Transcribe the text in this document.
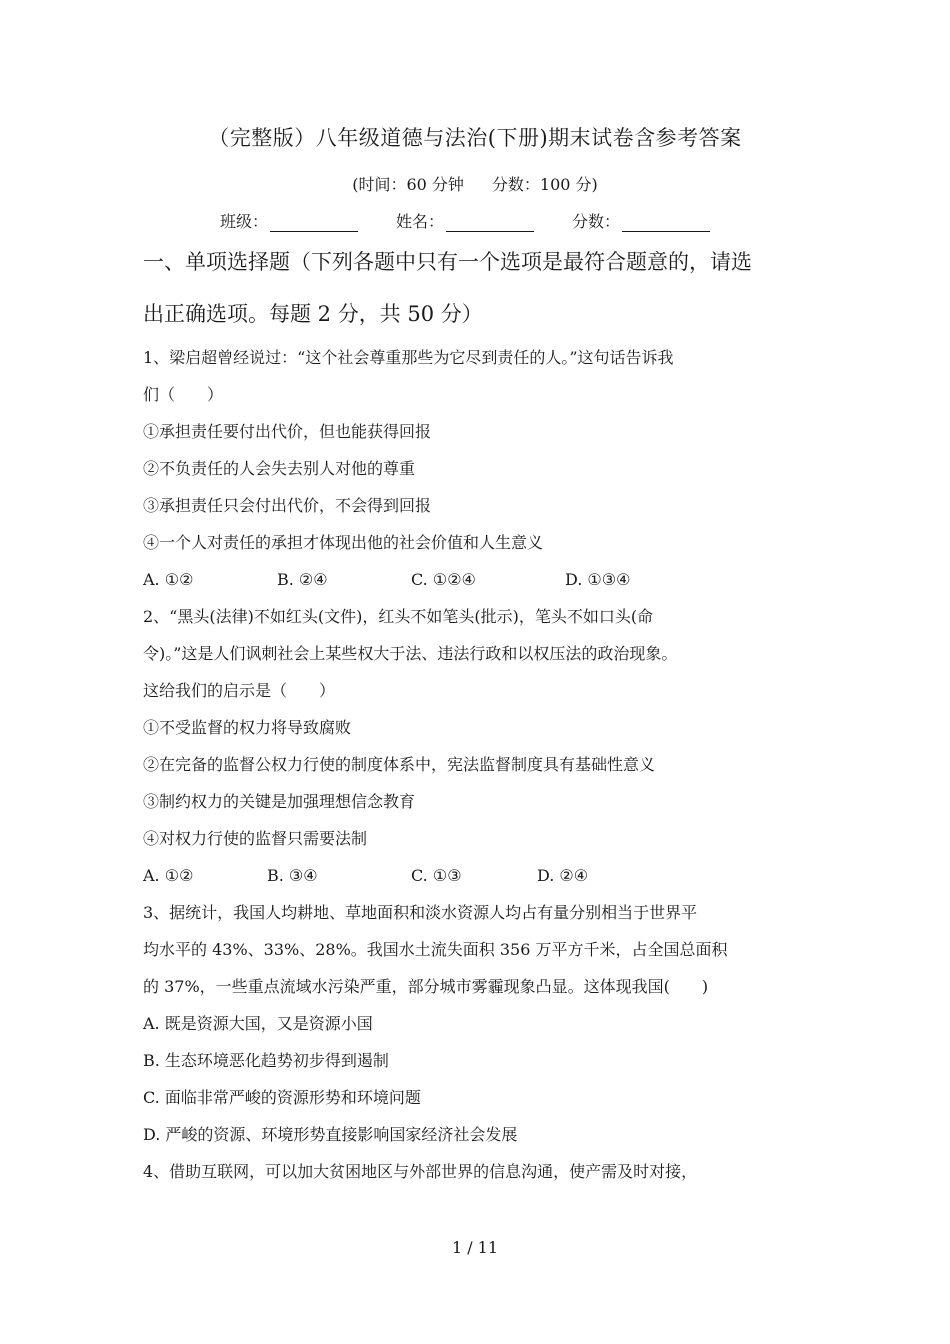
（完整版）八年级道德与法治(下册)期末试卷含参考答案
(时间：60 分钟 分数：100 分)
班级：	姓名：	分数：
一、单项选择题（下列各题中只有一个选项是最符合题意的，请选
出正确选项。每题 2 分，共 50 分）
1、梁启超曾经说过：“这个社会尊重那些为它尽到责任的人。”这句话告诉我
们（　　）
①承担责任要付出代价，但也能获得回报
②不负责任的人会失去别人对他的尊重
③承担责任只会付出代价，不会得到回报
④一个人对责任的承担才体现出他的社会价值和人生意义
A. ①②	B. ②④	C. ①②④	D. ①③④
2、“黑头(法律)不如红头(文件)，红头不如笔头(批示)，笔头不如口头(命
令)。”这是人们讽刺社会上某些权大于法、违法行政和以权压法的政治现象。
这给我们的启示是（　　）
①不受监督的权力将导致腐败
②在完备的监督公权力行使的制度体系中，宪法监督制度具有基础性意义
③制约权力的关键是加强理想信念教育
④对权力行使的监督只需要法制
A. ①②	B. ③④	C. ①③	D. ②④
3、据统计，我国人均耕地、草地面积和淡水资源人均占有量分别相当于世界平
均水平的 43%、33%、28%。我国水土流失面积 356 万平方千米，占全国总面积
的 37%，一些重点流域水污染严重，部分城市雾霾现象凸显。这体现我国(　　)
A. 既是资源大国，又是资源小国
B. 生态环境恶化趋势初步得到遏制
C. 面临非常严峻的资源形势和环境问题
D. 严峻的资源、环境形势直接影响国家经济社会发展
4、借助互联网，可以加大贫困地区与外部世界的信息沟通，使产需及时对接，
1 / 11
